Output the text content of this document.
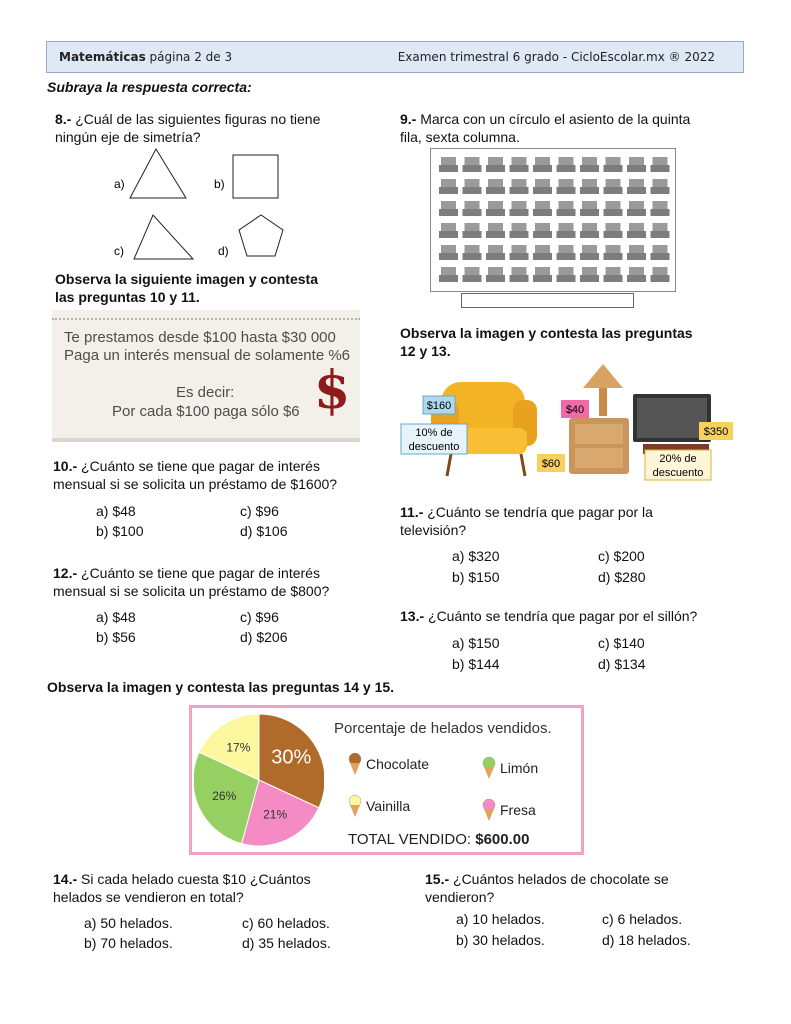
Matemáticas página 2 de 3	Examen trimestral 6 grado - CicloEscolar.mx ® 2022
Subraya la respuesta correcta:
8.- ¿Cuál de las siguientes figuras no tiene
ningún eje de simetría?
a)	b)
c)	d)
9.- Marca con un círculo el asiento de la quinta
fila, sexta columna.
Observa la siguiente imagen y contesta
las preguntas 10 y 11.
Te prestamos desde $100 hasta $30 000
Paga un interés mensual de solamente %6
Es decir:
Por cada $100 paga sólo $6 $
Observa la imagen y contesta las preguntas
12 y 13.
$160
10% de
descuento
$40
$60
$350
20% de
descuento
10.- ¿Cuánto se tiene que pagar de interés
mensual si se solicita un préstamo de $1600?
a) $48
b) $100
c) $96
d) $106
11.- ¿Cuánto se tendría que pagar por la
televisión?
a) $320
b) $150
c) $200
d) $280
12.- ¿Cuánto se tiene que pagar de interés
mensual si se solicita un préstamo de $800?
a) $48
b) $56
c) $96
d) $206
13.- ¿Cuánto se tendría que pagar por el sillón?
a) $150
b) $144
c) $140
d) $134
Observa la imagen y contesta las preguntas 14 y 15.
30%
21%
26%
17%
Porcentaje de helados vendidos.
Chocolate	Limón
Vainilla	Fresa
TOTAL VENDIDO: $600.00
14.- Si cada helado cuesta $10 ¿Cuántos
helados se vendieron en total?
a) 50 helados.
b) 70 helados.
c) 60 helados.
d) 35 helados.
15.- ¿Cuántos helados de chocolate se
vendieron?
a) 10 helados.
b) 30 helados.
c) 6 helados.
d) 18 helados.
